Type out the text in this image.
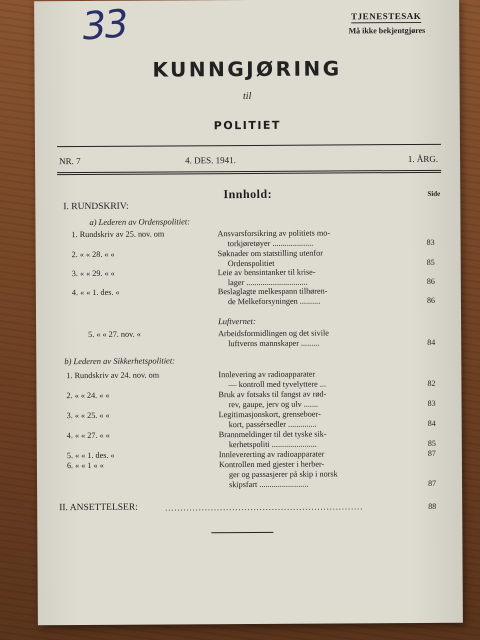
33	TJENESTESAK
Må ikke bekjentgjøres
KUNNGJØRING
til
POLITIET
NR. 7	4. DES. 1941.	1. ÅRG.
Innhold:	Side
I. RUNDSKRIV:
a) Lederen av Ordenspolitiet:
1. Rundskriv av 25. nov. om	Ansvarsforsikring av politiets mo-
torkjøretøyer ....................	83
2. « « 28. « «	Søknader om statstilling utenfor
Ordenspolitiet	85
3. « « 29. « «	Leie av bensintanker til krise-
lager ..............................	86
4. « « 1. des. «	Beslaglagte melkespann tilhøren-
de Melkeforsyningen ..........	86
Luftvernet:
5. « « 27. nov. «	Arbeidsformidlingen og det sivile
luftverns mannskaper .........	84
b) Lederen av Sikkerhetspolitiet:
1. Rundskriv av 24. nov. om	Innlevering av radioapparater
— kontroll med tyvelyttere ...	82
2. « « 24. « «	Bruk av fotsaks til fangst av rød-
rev, gaupe, jerv og ulv .......	83
3. « « 25. « «	Legitimasjonskort, grenseboer-
kort, passérsedler ..............	84
4. « « 27. « «	Brannmeldinger til det tyske sik-
kerhetspoliti ......................	85
5. « « 1. des. «	Innlevererting av radioapparater	87
6. « « 1 « «	Kontrollen med gjester i herber-
ger og passasjerer på skip i norsk
skipsfart ........................	87
II. ANSETTELSER:	.................................................................	88
